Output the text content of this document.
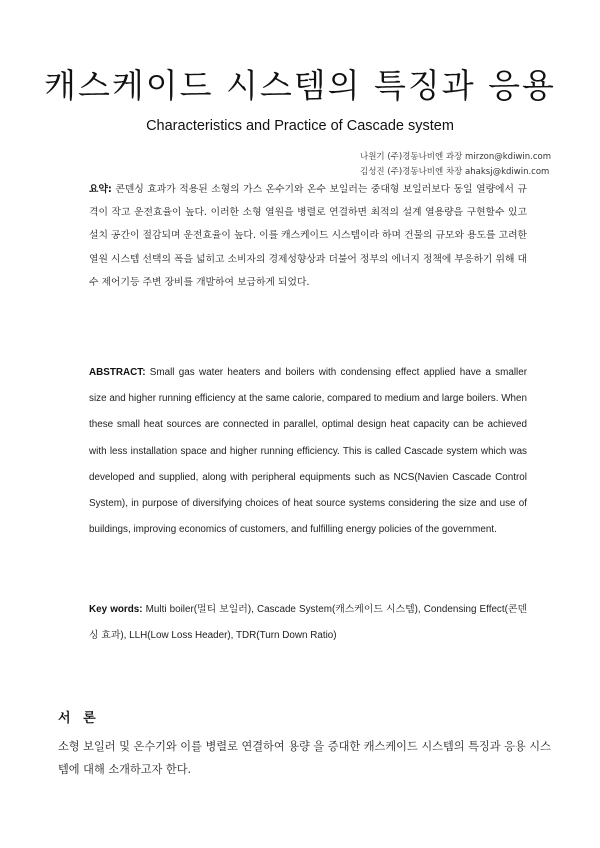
캐스케이드 시스템의 특징과 응용
Characteristics and Practice of Cascade system
나원기 (주)경동나비엔 과장 mirzon@kdiwin.com
김성진 (주)경동나비엔 차장 ahaksj@kdiwin.com

요약: 콘덴싱 효과가 적용된 소형의 가스 온수기와 온수 보일러는 중대형 보일러보다 동일 열량에서 규격이 작고 운전효율이 높다. 이러한 소형 열원을 병렬로 연결하면 최적의 설계 열용량을 구현할수 있고 설치 공간이 절감되며 운전효율이 높다. 이를 캐스케이드 시스템이라 하며 건물의 규모와 용도를 고려한 열원 시스템 선택의 폭을 넓히고 소비자의 경제성향상과 더불어 정부의 에너지 정책에 부응하기 위해 대수 제어기등 주변 장비를 개발하여 보급하게 되었다.

ABSTRACT: Small gas water heaters and boilers with condensing effect applied have a smaller size and higher running efficiency at the same calorie, compared to medium and large boilers. When these small heat sources are connected in parallel, optimal design heat capacity can be achieved with less installation space and higher running efficiency. This is called Cascade system which was developed and supplied, along with peripheral equipments such as NCS(Navien Cascade Control System), in purpose of diversifying choices of heat source systems considering the size and use of buildings, improving economics of customers, and fulfilling energy policies of the government.

Key words: Multi boiler(멀티 보일러), Cascade System(캐스케이드 시스템), Condensing Effect(콘덴싱 효과), LLH(Low Loss Header), TDR(Turn Down Ratio)

서 론

소형 보일러 및 온수기와 이를 병렬로 연결하여 용량 을 증대한 캐스케이드 시스템의 특징과 응용 시스 템에 대해 소개하고자 한다.
